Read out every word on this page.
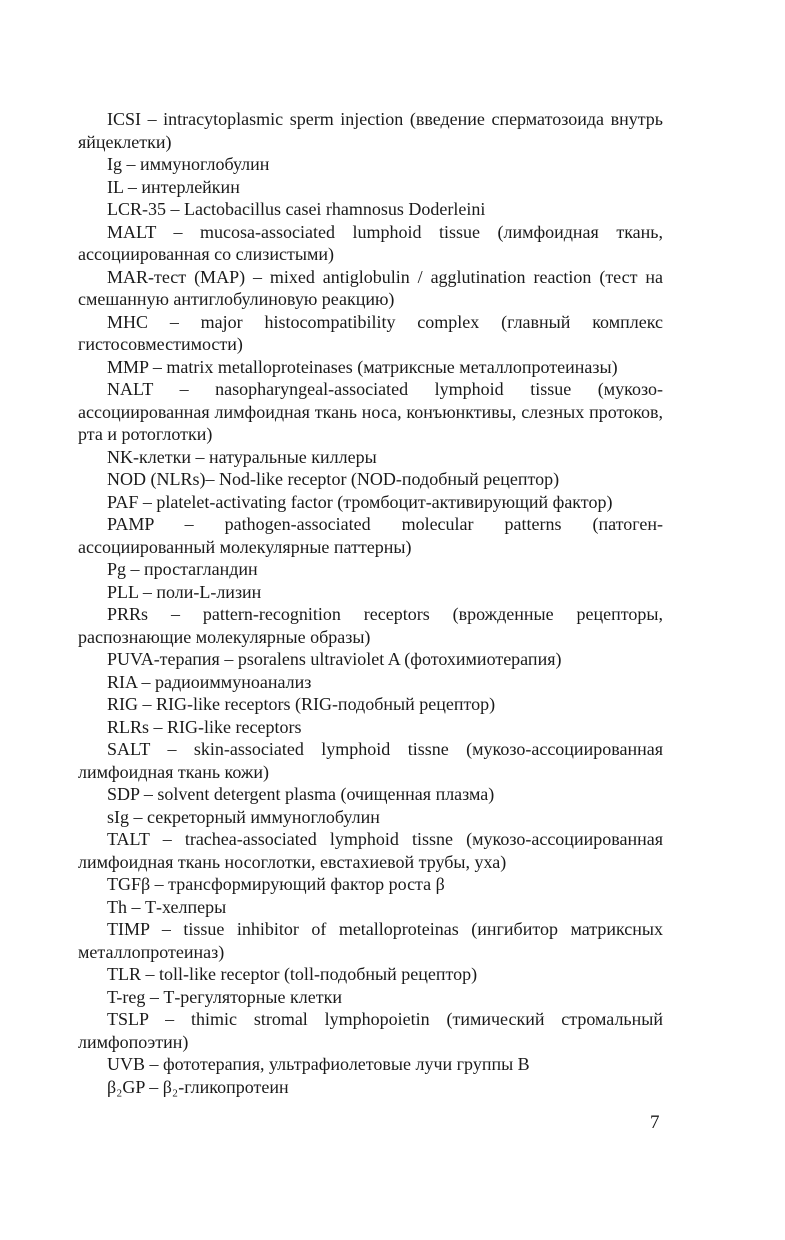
ICSI – intracytoplasmic sperm injection (введение сперматозоида внутрь яйцеклетки)

Ig – иммуноглобулин

IL – интерлейкин

LCR-35 – Lactobacillus casei rhamnosus Doderleini

MALT – mucosa-associated lumphoid tissue (лимфоидная ткань, ассоциированная со слизистыми)

MAR-тест (MAP) – mixed antiglobulin / agglutination reaction (тест на смешанную антиглобулиновую реакцию)

MHC – major histocompatibility complex (главный комплекс гистосовместимости)

MMP – matrix metalloproteinases (матриксные металлопротеиназы)

NALT – nasopharyngeal-associated lymphoid tissue (мукозо-ассоциированная лимфоидная ткань носа, конъюнктивы, слезных протоков, рта и ротоглотки)

NK-клетки – натуральные киллеры

NOD (NLRs)– Nod-like receptor (NOD-подобный рецептор)

PAF – platelet-activating factor (тромбоцит-активирующий фактор)

PAMP – pathogen-associated molecular patterns (патоген-ассоциированный молекулярные паттерны)

Pg – простагландин

PLL – поли-L-лизин

PRRs – pattern-recognition receptors (врожденные рецепторы, распознающие молекулярные образы)

PUVA-терапия – psoralens ultraviolet A (фотохимиотерапия)

RIA – радиоиммуноанализ

RIG – RIG-like receptors (RIG-подобный рецептор)

RLRs – RIG-like receptors

SALT – skin-associated lymphoid tissne (мукозо-ассоциированная лимфоидная ткань кожи)

SDP – solvent detergent plasma (очищенная плазма)

sIg – секреторный иммуноглобулин

TALT – trachea-associated lymphoid tissne (мукозо-ассоциированная лимфоидная ткань носоглотки, евстахиевой трубы, уха)

TGFβ – трансформирующий фактор роста β

Th – Т-хелперы

TIMP – tissue inhibitor of metalloproteinas (ингибитор матриксных металлопротеиназ)

TLR – toll-like receptor (toll-подобный рецептор)

T-reg – Т-регуляторные клетки

TSLP – thimic stromal lymphopoietin (тимический стромальный лимфопоэтин)

UVB – фототерапия, ультрафиолетовые лучи группы B

β₂GP – β₂-гликопротеин

7
